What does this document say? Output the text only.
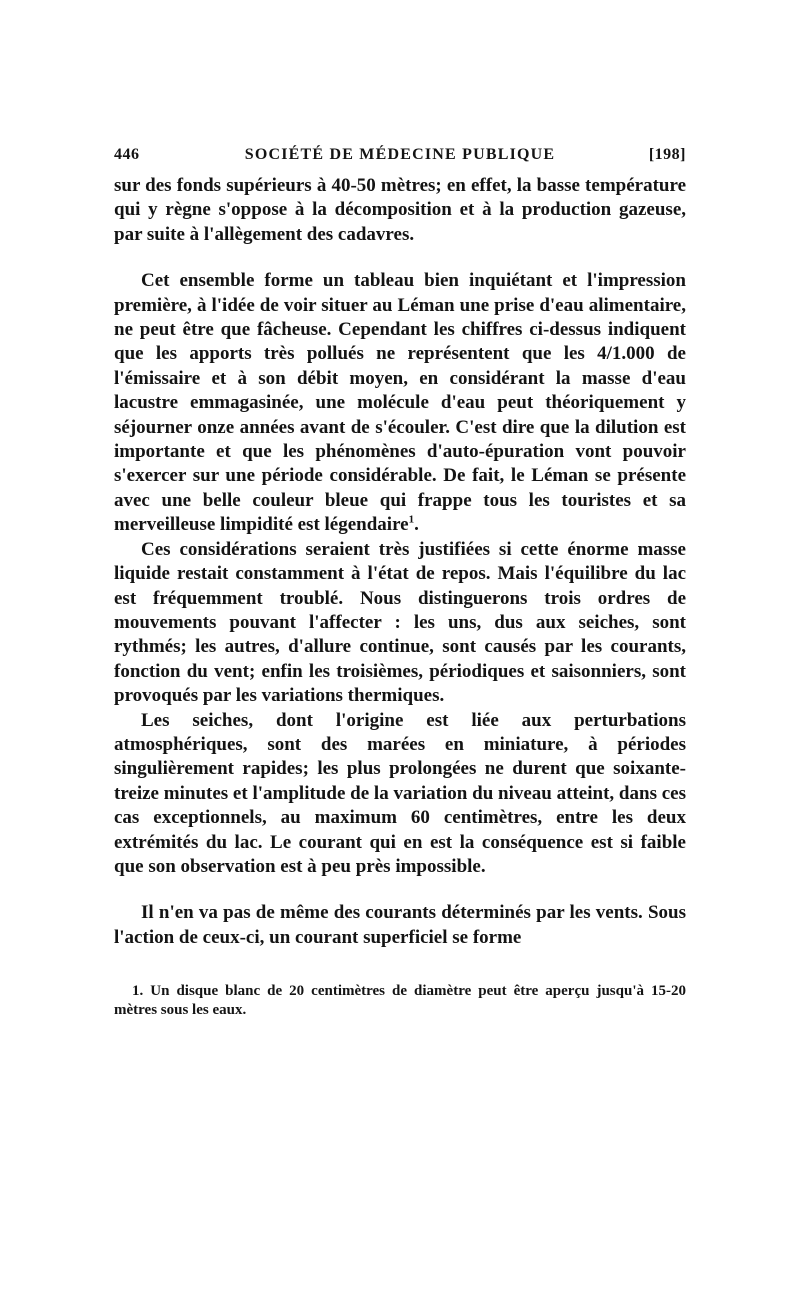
446	SOCIÉTÉ DE MÉDECINE PUBLIQUE	[198]

sur des fonds supérieurs à 40-50 mètres; en effet, la basse température qui y règne s'oppose à la décomposition et à la production gazeuse, par suite à l'allègement des cadavres.

Cet ensemble forme un tableau bien inquiétant et l'impression première, à l'idée de voir situer au Léman une prise d'eau alimentaire, ne peut être que fâcheuse. Cependant les chiffres ci-dessus indiquent que les apports très pollués ne représentent que les 4/1.000 de l'émissaire et à son débit moyen, en considérant la masse d'eau lacustre emmagasinée, une molécule d'eau peut théoriquement y séjourner onze années avant de s'écouler. C'est dire que la dilution est importante et que les phénomènes d'auto-épuration vont pouvoir s'exercer sur une période considérable. De fait, le Léman se présente avec une belle couleur bleue qui frappe tous les touristes et sa merveilleuse limpidité est légendaire$^1$.

Ces considérations seraient très justifiées si cette énorme masse liquide restait constamment à l'état de repos. Mais l'équilibre du lac est fréquemment troublé. Nous distinguerons trois ordres de mouvements pouvant l'affecter : les uns, dus aux seiches, sont rythmés; les autres, d'allure continue, sont causés par les courants, fonction du vent; enfin les troisièmes, périodiques et saisonniers, sont provoqués par les variations thermiques.

Les seiches, dont l'origine est liée aux perturbations atmosphériques, sont des marées en miniature, à périodes singulièrement rapides; les plus prolongées ne durent que soixante-treize minutes et l'amplitude de la variation du niveau atteint, dans ces cas exceptionnels, au maximum 60 centimètres, entre les deux extrémités du lac. Le courant qui en est la conséquence est si faible que son observation est à peu près impossible.

Il n'en va pas de même des courants déterminés par les vents. Sous l'action de ceux-ci, un courant superficiel se forme

1. Un disque blanc de 20 centimètres de diamètre peut être aperçu jusqu'à 15-20 mètres sous les eaux.
